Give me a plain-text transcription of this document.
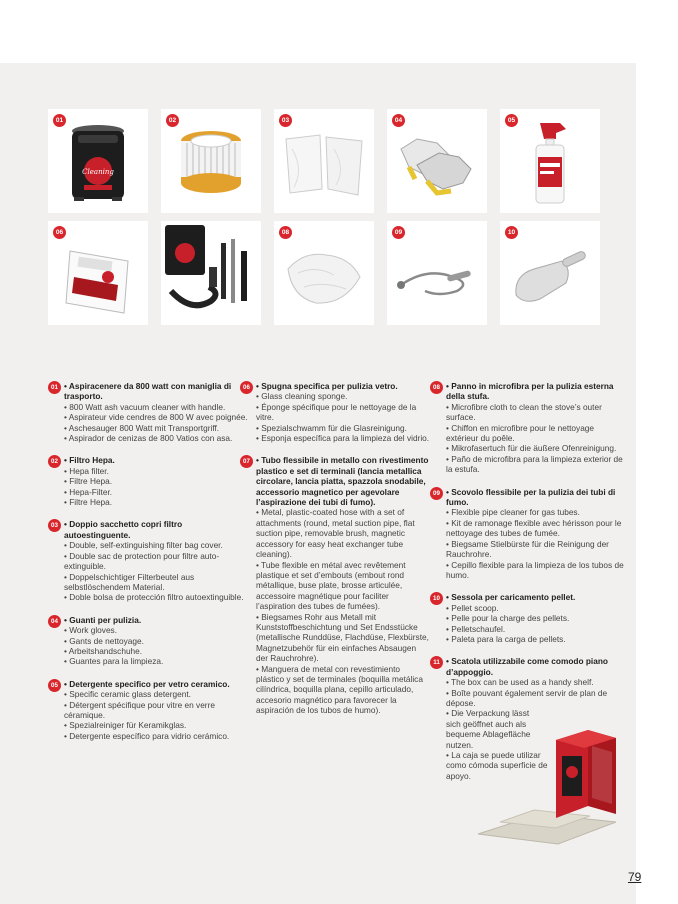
01
Cleaning
02	03	04	05
06	08	09	10
01 • Aspiracenere da 800 watt con maniglia di trasporto.
• 800 Watt ash vacuum cleaner with handle.
• Aspirateur vide cendres de 800 W avec poignée.
• Aschesauger 800 Watt mit Transportgriff.
• Aspirador de cenizas de 800 Vatios con asa.
02 • Filtro Hepa.
• Hepa filter.
• Filtre Hepa.
• Hepa-Filter.
• Filtre Hepa.
03 • Doppio sacchetto copri filtro autoestinguente.
• Double, self-extinguishing filter bag cover.
• Double sac de protection pour filtre auto-extinguible.
• Doppelschichtiger Filterbeutel aus selbstlöschendem Material.
• Doble bolsa de protección filtro autoextinguible.
04 • Guanti per pulizia.
• Work gloves.
• Gants de nettoyage.
• Arbeitshandschuhe.
• Guantes para la limpieza.
05 • Detergente specifico per vetro ceramico.
• Specific ceramic glass detergent.
• Détergent spécifique pour vitre en verre céramique.
• Spezialreiniger für Keramikglas.
• Detergente específico para vidrio cerámico.
06 • Spugna specifica per pulizia vetro.
• Glass cleaning sponge.
• Éponge spécifique pour le nettoyage de la vitre.
• Spezialschwamm für die Glasreinigung.
• Esponja específica para la limpieza del vidrio.
07 • Tubo flessibile in metallo con rivestimento plastico e set di terminali (lancia metallica circolare, lancia piatta, spazzola snodabile, accessorio magnetico per agevolare l’aspirazione dei tubi di fumo).
• Metal, plastic-coated hose with a set of attachments (round, metal suction pipe, flat suction pipe, removable brush, magnetic accessory for easy heat exchanger tube cleaning).
• Tube flexible en métal avec revêtement plastique et set d’embouts (embout rond métallique, buse plate, brosse articulée, accessoire magnétique pour faciliter l’aspiration des tubes de fumées).
• Biegsames Rohr aus Metall mit Kunststoffbeschichtung und Set Endsstücke (metallische Runddüse, Flachdüse, Flexbürste, Magnetzubehör für ein einfaches Absaugen der Rauchrohre).
• Manguera de metal con revestimiento plástico y set de terminales (boquilla metálica cilíndrica, boquilla plana, cepillo articulado, accesorio magnético para favorecer la aspiración de los tubos de humo).
08 • Panno in microfibra per la pulizia esterna della stufa.
• Microfibre cloth to clean the stove’s outer surface.
• Chiffon en microfibre pour le nettoyage extérieur du poêle.
• Mikrofasertuch für die äußere Ofenreinigung.
• Paño de microfibra para la limpieza exterior de la estufa.
09 • Scovolo flessibile per la pulizia dei tubi di fumo.
• Flexible pipe cleaner for gas tubes.
• Kit de ramonage flexible avec hérisson pour le nettoyage des tubes de fumée.
• Biegsame Stielbürste für die Reinigung der Rauchrohre.
• Cepillo flexible para la limpieza de los tubos de humo.
10 • Sessola per caricamento pellet.
• Pellet scoop.
• Pelle pour la charge des pellets.
• Pelletschaufel.
• Paleta para la carga de pellets.
11 • Scatola utilizzabile come comodo piano d’appoggio.
• The box can be used as a handy shelf.
• Boîte pouvant également servir de plan de dépose.
• Die Verpackung lässt sich geöffnet auch als bequeme Ablagefläche nutzen.
• La caja se puede utilizar como cómoda superficie de apoyo.
79
